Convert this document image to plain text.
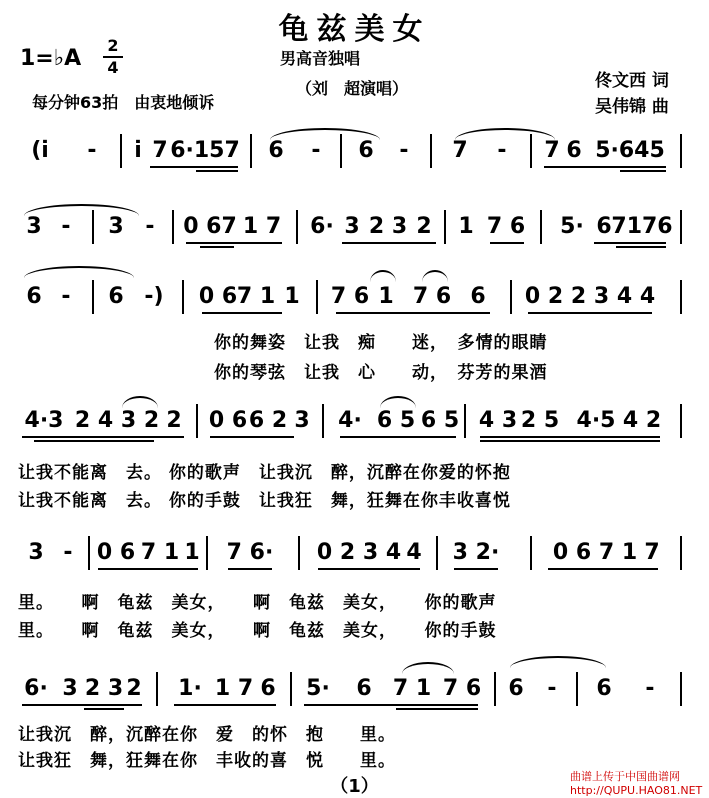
龟兹美女
1=♭A
2
4	男高音独唱
（刘　超演唱）
每分钟63拍　由衷地倾诉
佟文西 词
吴伟锦 曲
(i̇ - i̇ 7 6·157 6 - 6 - 7 - 7 6 5·645
3 - 3 - 0 67 1 7 6· 3 2 3 2 1 7 6 5· 6 7176
6 - 6 -) 0 6 7 1 1 7 6 1 7 6 6 0 2 2 3 4 4
你的舞姿　让我　痴　　迷，　多情的眼睛
你的琴弦　让我　心　　动，　芬芳的果酒
4·3 2 4 3 2 2 0 6 6 2 3 4· 6 5 6 5 4 3 2 5 4·5 4 2
让我不能离　去。 你的歌声　让我沉　醉，沉醉在你爱的怀抱
让我不能离　去。 你的手鼓　让我狂　舞，狂舞在你丰收喜悦
3 - 0 6 7 1 1 7 6· 0 2 3 4 4 3 2· 0 6 7 1 7
里。　　啊　龟兹　美女，　　啊　龟兹　美女，　　你的歌声
里。　　啊　龟兹　美女，　　啊　龟兹　美女，　　你的手鼓
6· 3 2 3 2 1· 1 7 6 5· 6 7 1 7 6 6 - 6 -
让我沉　醉，沉醉在你　爱　的怀　抱　　里。
让我狂　舞，狂舞在你　丰收的喜　悦　　里。
（1）	曲谱上传于中国曲谱网
http://QUPU.HAO81.NET
